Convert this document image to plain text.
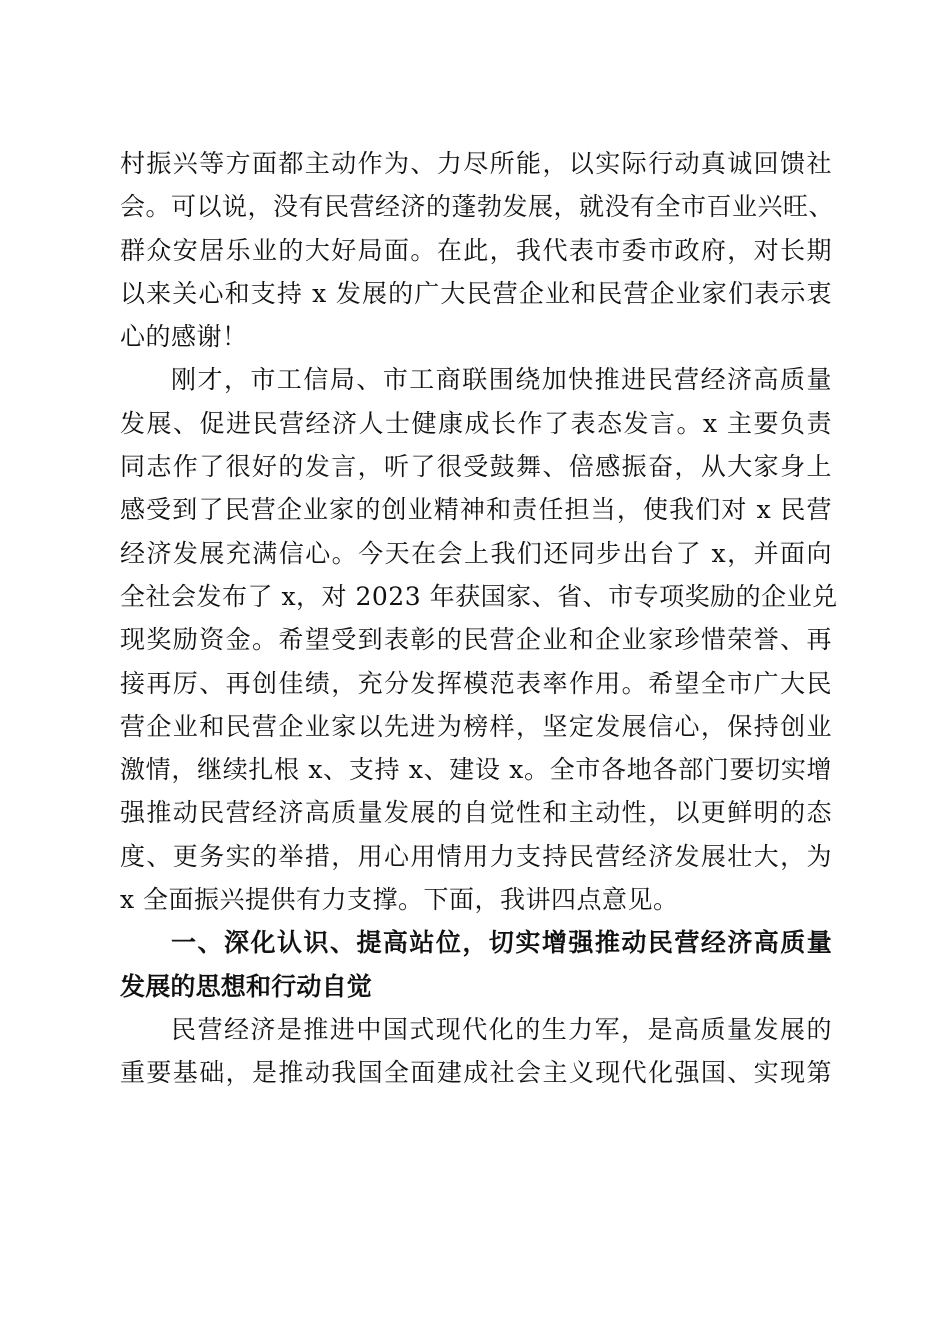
村振兴等方面都主动作为、力尽所能，以实际行动真诚回馈社
会。可以说，没有民营经济的蓬勃发展，就没有全市百业兴旺、
群众安居乐业的大好局面。在此，我代表市委市政府，对长期
以来关心和支持 x 发展的广大民营企业和民营企业家们表示衷
心的感谢！
刚才，市工信局、市工商联围绕加快推进民营经济高质量
发展、促进民营经济人士健康成长作了表态发言。x 主要负责
同志作了很好的发言，听了很受鼓舞、倍感振奋，从大家身上
感受到了民营企业家的创业精神和责任担当，使我们对 x 民营
经济发展充满信心。今天在会上我们还同步出台了 x，并面向
全社会发布了 x，对 2023 年获国家、省、市专项奖励的企业兑
现奖励资金。希望受到表彰的民营企业和企业家珍惜荣誉、再
接再厉、再创佳绩，充分发挥模范表率作用。希望全市广大民
营企业和民营企业家以先进为榜样，坚定发展信心，保持创业
激情，继续扎根 x、支持 x、建设 x。全市各地各部门要切实增
强推动民营经济高质量发展的自觉性和主动性，以更鲜明的态
度、更务实的举措，用心用情用力支持民营经济发展壮大，为
x 全面振兴提供有力支撑。下面，我讲四点意见。
一、深化认识、提高站位，切实增强推动民营经济高质量
发展的思想和行动自觉
民营经济是推进中国式现代化的生力军，是高质量发展的
重要基础，是推动我国全面建成社会主义现代化强国、实现第
